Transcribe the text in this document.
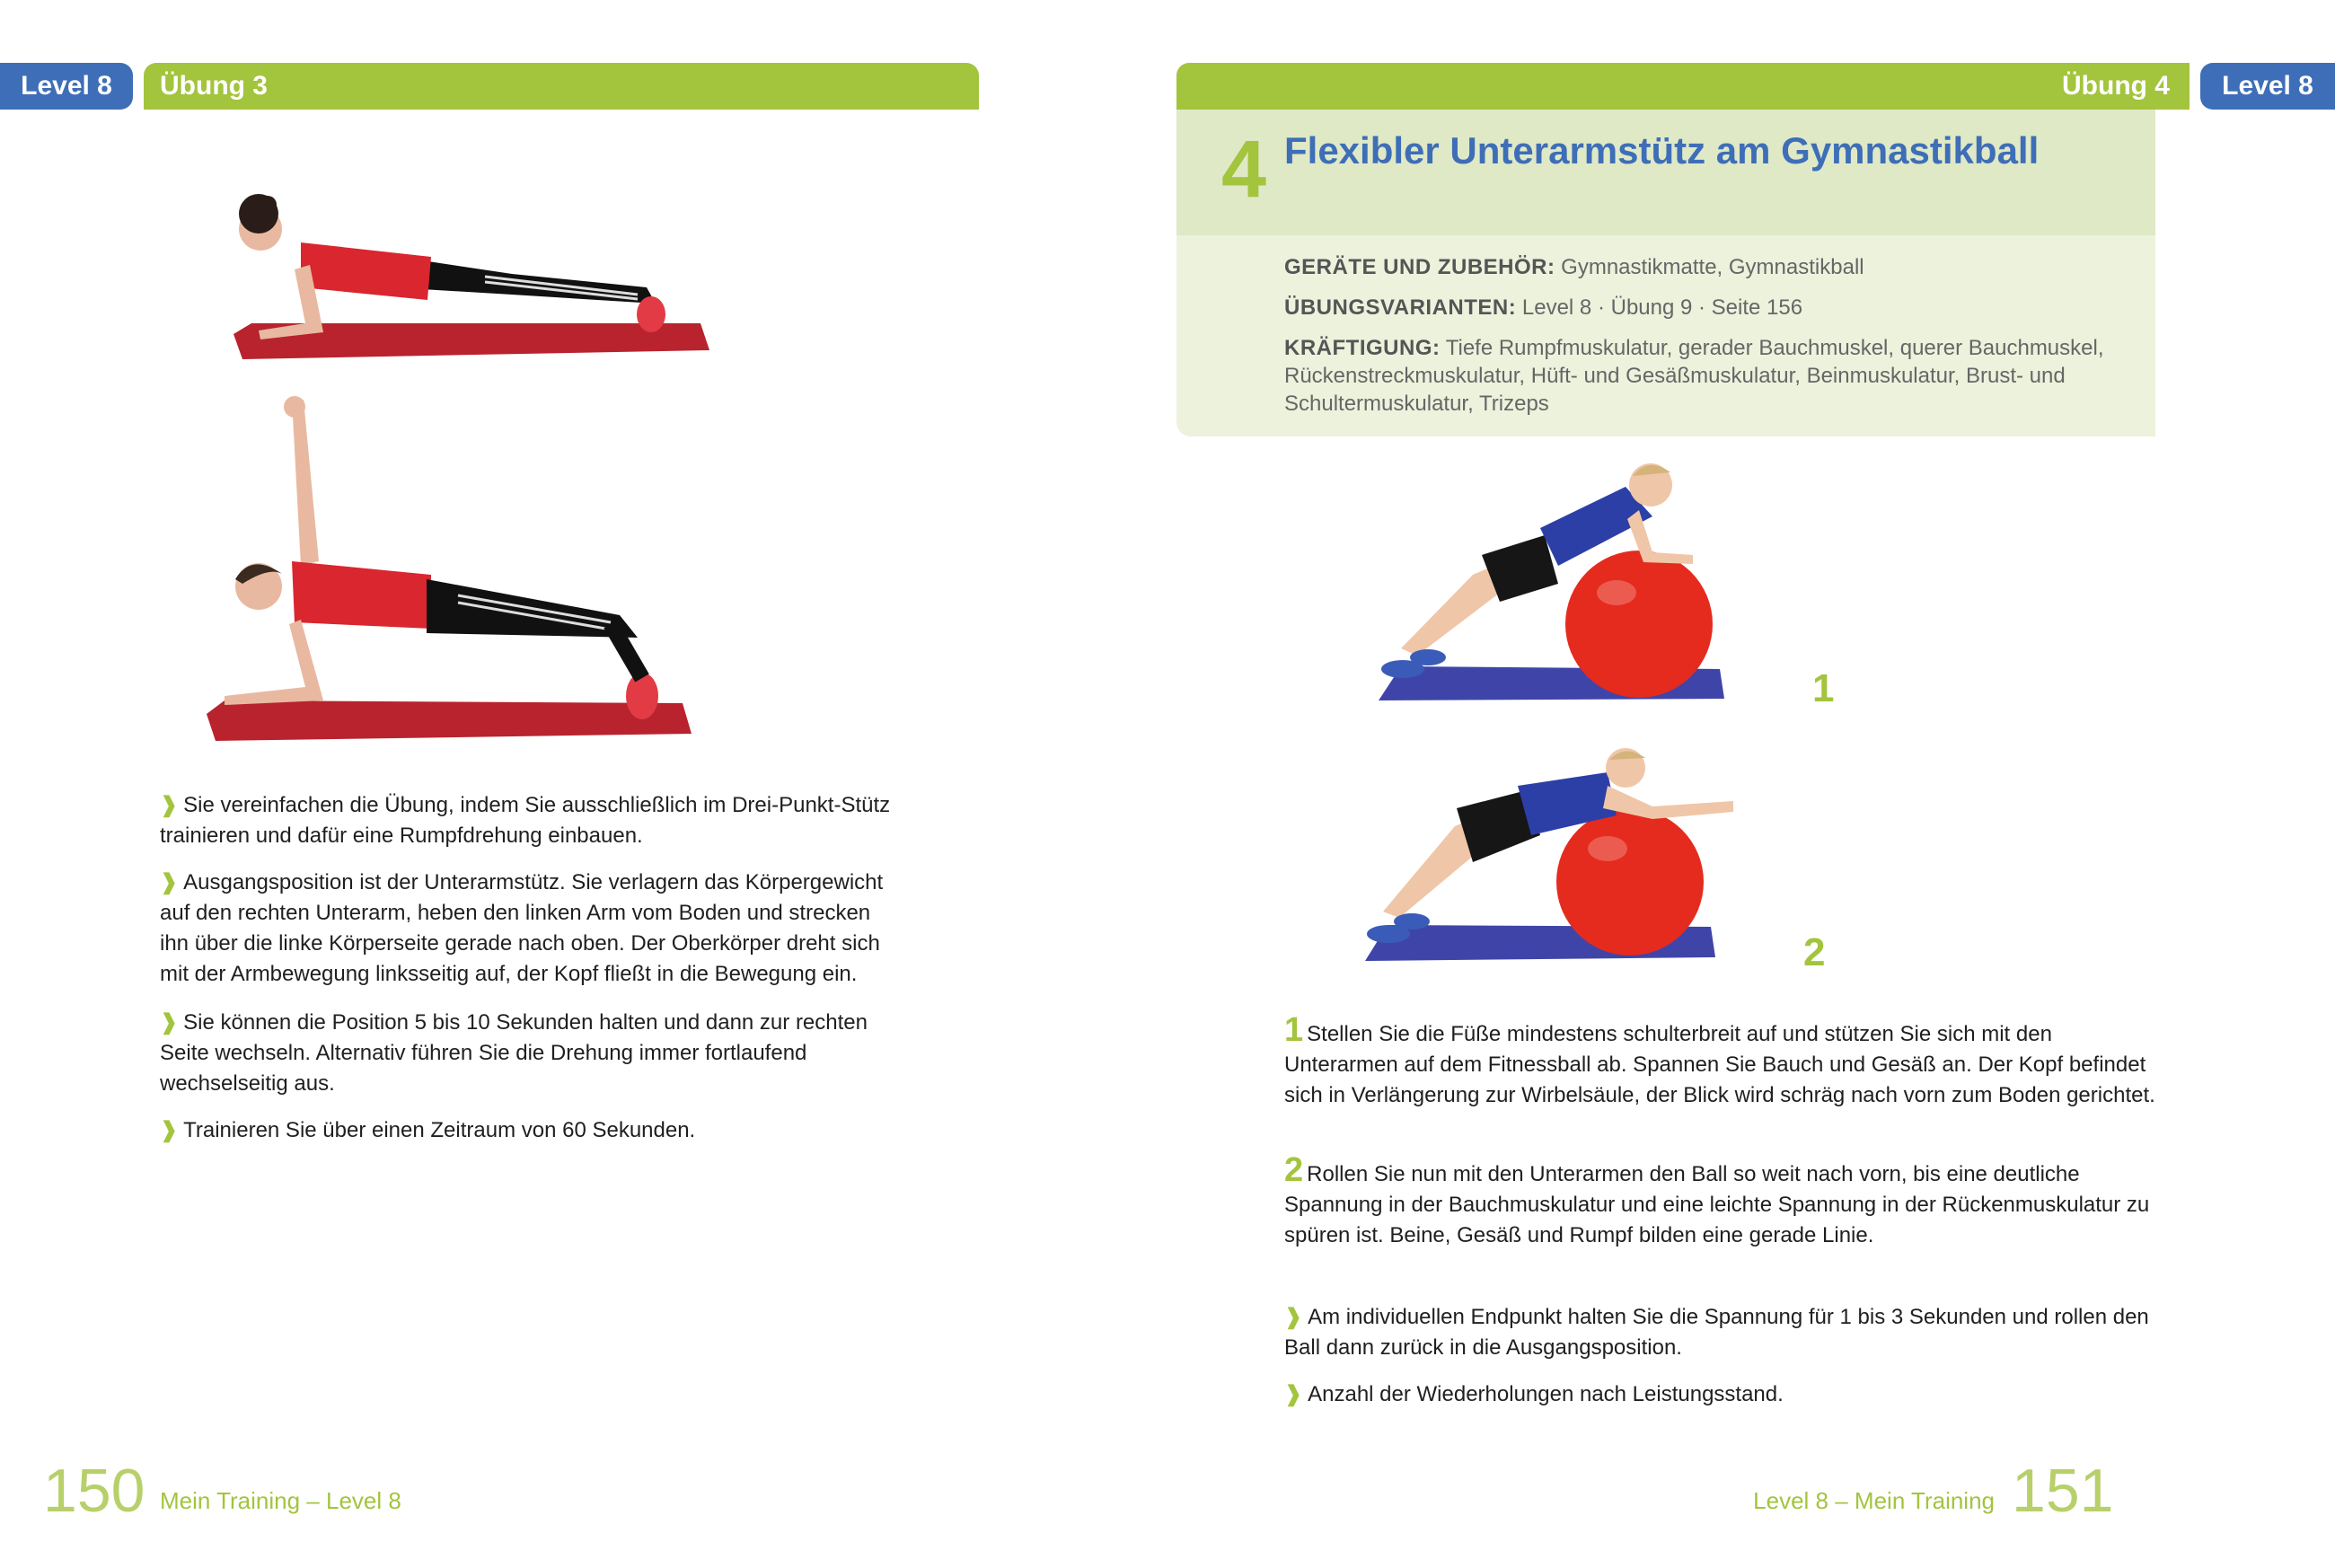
Level 8	Übung 3
❱ Sie vereinfachen die Übung, indem Sie ausschließlich im Drei-Punkt-Stütz trainieren und dafür eine Rumpfdrehung einbauen.
❱ Ausgangsposition ist der Unterarmstütz. Sie verlagern das Körpergewicht auf den rechten Unterarm, heben den linken Arm vom Boden und strecken ihn über die linke Körperseite gerade nach oben. Der Oberkörper dreht sich mit der Armbewegung linksseitig auf, der Kopf fließt in die Bewegung ein.
❱ Sie können die Position 5 bis 10 Sekunden halten und dann zur rechten Seite wechseln. Alternativ führen Sie die Drehung immer fortlaufend wechselseitig aus.
❱ Trainieren Sie über einen Zeitraum von 60 Sekunden.
150 Mein Training – Level 8
Übung 4	Level 8
4 Flexibler Unterarmstütz am Gymnastikball
GERÄTE UND ZUBEHÖR: Gymnastikmatte, Gymnastikball
ÜBUNGSVARIANTEN: Level 8 · Übung 9 · Seite 156
KRÄFTIGUNG: Tiefe Rumpfmuskulatur, gerader Bauchmuskel, querer Bauchmuskel, Rückenstreckmuskulatur, Hüft- und Gesäßmuskulatur, Beinmuskulatur, Brust- und Schultermuskulatur, Trizeps
1
2
1 Stellen Sie die Füße mindestens schulterbreit auf und stützen Sie sich mit den Unterarmen auf dem Fitnessball ab. Spannen Sie Bauch und Gesäß an. Der Kopf befindet sich in Verlängerung zur Wirbelsäule, der Blick wird schräg nach vorn zum Boden gerichtet.
2 Rollen Sie nun mit den Unterarmen den Ball so weit nach vorn, bis eine deutliche Spannung in der Bauchmuskulatur und eine leichte Spannung in der Rückenmuskulatur zu spüren ist. Beine, Gesäß und Rumpf bilden eine gerade Linie.
❱ Am individuellen Endpunkt halten Sie die Spannung für 1 bis 3 Sekunden und rollen den Ball dann zurück in die Ausgangsposition.
❱ Anzahl der Wiederholungen nach Leistungsstand.
Level 8 – Mein Training 151
